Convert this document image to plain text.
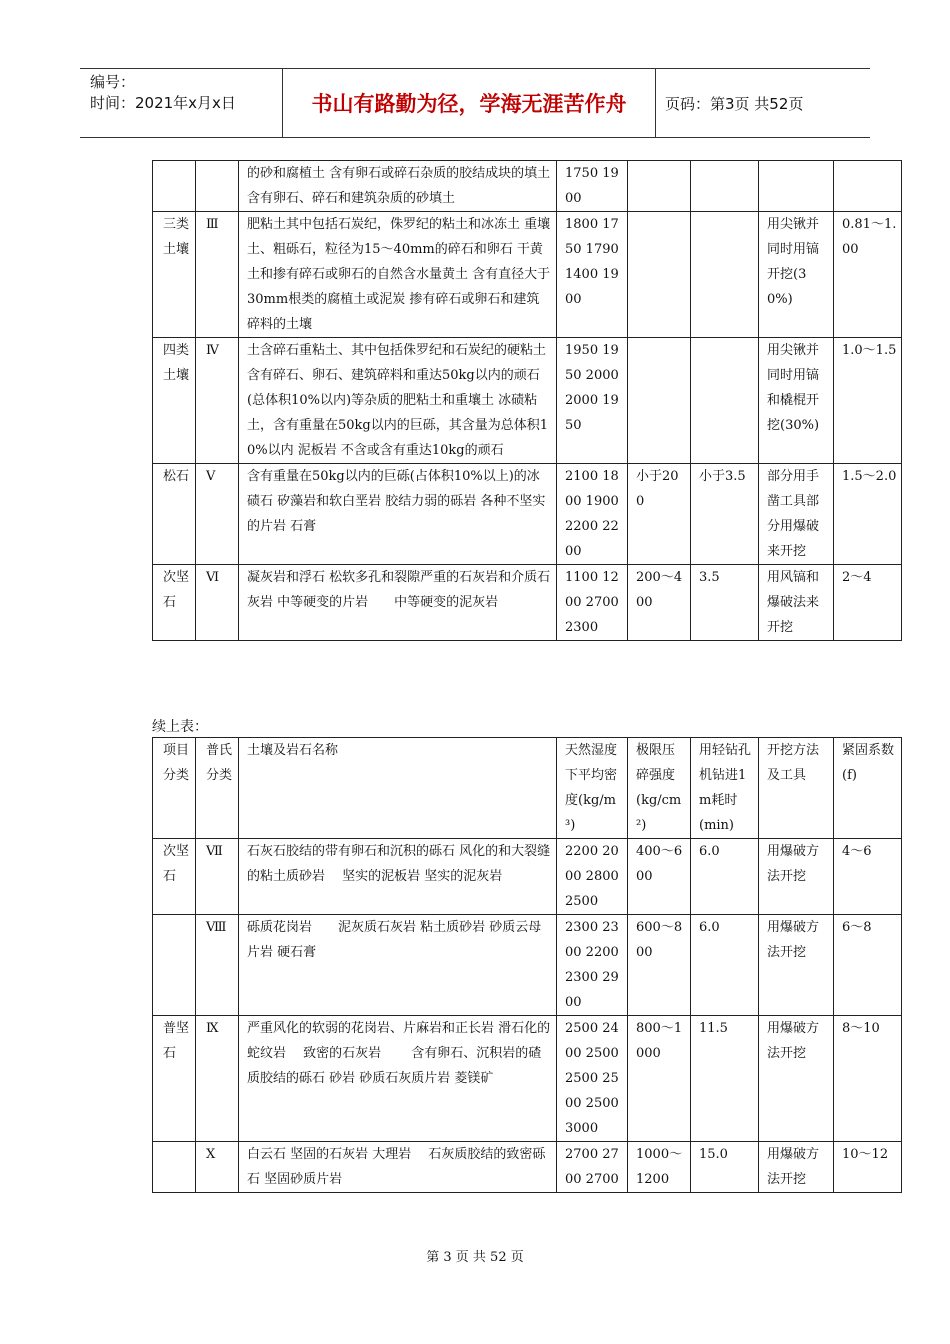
编号：
时间：2021年x月x日	书山有路勤为径，学海无涯苦作舟	页码：第3页 共52页
		的砂和腐植土 含有卵石或碎石杂质的胶结成块的填土 含有卵石、碎石和建筑杂质的砂填土	1750 1900				
三类土壤	Ⅲ	肥粘土其中包括石炭纪，侏罗纪的粘土和冰冻土 重壤土、粗砾石，粒径为15～40mm的碎石和卵石 干黄土和掺有碎石或卵石的自然含水量黄土 含有直径大于30mm根类的腐植土或泥炭 掺有碎石或卵石和建筑碎料的土壤	1800 1750 1790 1400 1900			用尖锹并同时用镐开挖(30%)	0.81～1.00
四类土壤	Ⅳ	土含碎石重粘土、其中包括侏罗纪和石炭纪的硬粘土 含有碎石、卵石、建筑碎料和重达50kg以内的顽石(总体积10%以内)等杂质的肥粘土和重壤土 冰碛粘土，含有重量在50kg以内的巨砾，其含量为总体积10%以内 泥板岩 不含或含有重达10kg的顽石	1950 1950 2000 2000 1950			用尖锹并同时用镐和橇棍开挖(30%)	1.0～1.5
松石	Ⅴ	含有重量在50kg以内的巨砾(占体积10%以上)的冰碛石 矽藻岩和软白垩岩 胶结力弱的砾岩 各种不坚实的片岩 石膏	2100 1800 1900 2200 2200	小于200	小于3.5	部分用手凿工具部分用爆破来开挖	1.5～2.0
次坚石	Ⅵ	凝灰岩和浮石 松软多孔和裂隙严重的石灰岩和介质石灰岩 中等硬变的片岩　　中等硬变的泥灰岩	1100 1200 2700 2300	200～400	3.5	用风镐和爆破法来开挖	2～4
续上表：
项目分类	普氏分类	土壤及岩石名称	天然湿度下平均密度(kg/m³)	极限压碎强度(kg/cm²)	用轻钻孔机钻进1m耗时(min)	开挖方法及工具	紧固系数 (f)
次坚石	Ⅶ	石灰石胶结的带有卵石和沉积的砾石 风化的和大裂缝的粘土质砂岩　 坚实的泥板岩 坚实的泥灰岩	2200 2000 2800 2500	400～600	6.0	用爆破方法开挖	4～6
	Ⅷ	砾质花岗岩　　泥灰质石灰岩 粘土质砂岩 砂质云母片岩 硬石膏	2300 2300 2200 2300 2900	600～800	6.0	用爆破方法开挖	6～8
普坚石	Ⅸ	严重风化的软弱的花岗岩、片麻岩和正长岩 滑石化的蛇纹岩　 致密的石灰岩　　 含有卵石、沉积岩的碴质胶结的砾石 砂岩 砂质石灰质片岩 菱镁矿	2500 2400 2500 2500 2500 2500 3000	800～1000	11.5	用爆破方法开挖	8～10
	Ⅹ	白云石 坚固的石灰岩 大理岩　 石灰质胶结的致密砾石 坚固砂质片岩	2700 2700 2700	1000～1200	15.0	用爆破方法开挖	10～12
第 3 页 共 52 页
